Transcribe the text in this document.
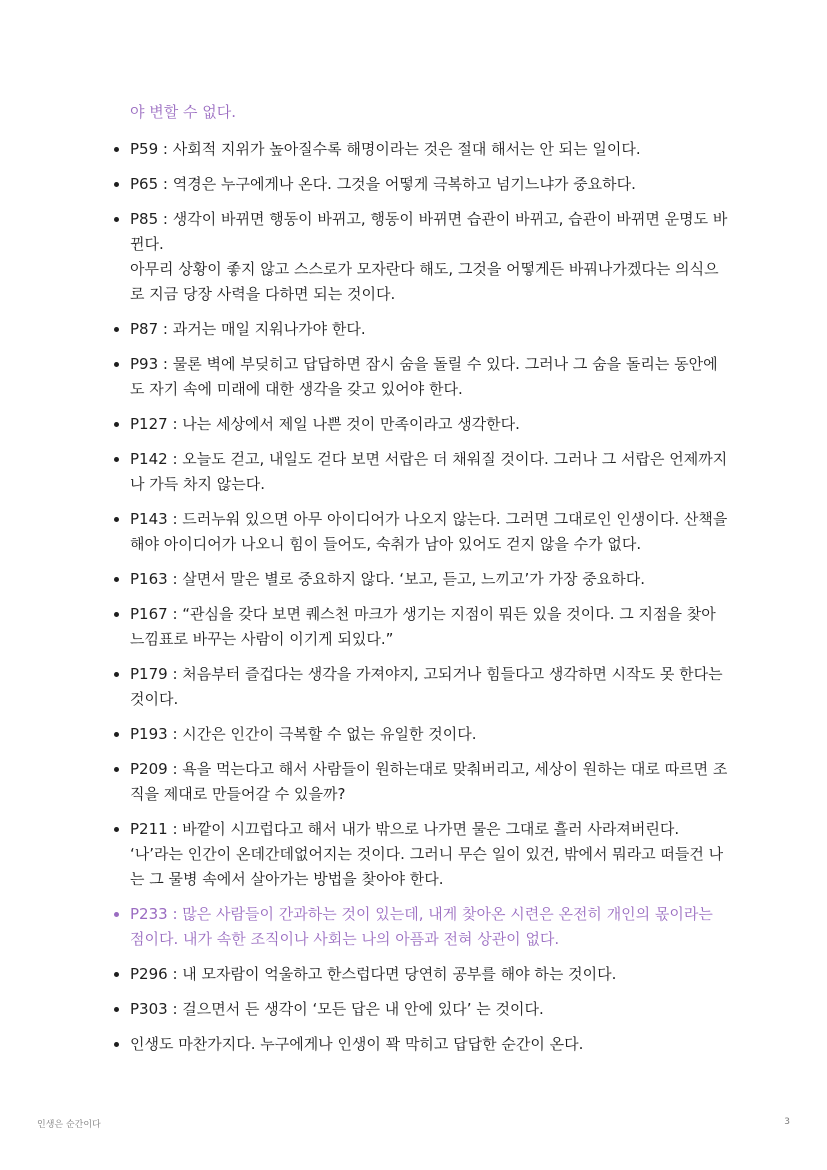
야 변할 수 없다.
P59 : 사회적 지위가 높아질수록 해명이라는 것은 절대 해서는 안 되는 일이다.
P65 : 역경은 누구에게나 온다. 그것을 어떻게 극복하고 넘기느냐가 중요하다.
P85 : 생각이 바뀌면 행동이 바뀌고, 행동이 바뀌면 습관이 바뀌고, 습관이 바뀌면 운명도 바뀐다.
아무리 상황이 좋지 않고 스스로가 모자란다 해도, 그것을 어떻게든 바꿔나가겠다는 의식으로 지금 당장 사력을 다하면 되는 것이다.
P87 : 과거는 매일 지워나가야 한다.
P93 : 물론 벽에 부딪히고 답답하면 잠시 숨을 돌릴 수 있다. 그러나 그 숨을 돌리는 동안에도 자기 속에 미래에 대한 생각을 갖고 있어야 한다.
P127 : 나는 세상에서 제일 나쁜 것이 만족이라고 생각한다.
P142 : 오늘도 걷고, 내일도 걷다 보면 서랍은 더 채워질 것이다. 그러나 그 서랍은 언제까지나 가득 차지 않는다.
P143 : 드러누워 있으면 아무 아이디어가 나오지 않는다. 그러면 그대로인 인생이다. 산책을 해야 아이디어가 나오니 힘이 들어도, 숙취가 남아 있어도 걷지 않을 수가 없다.
P163 : 살면서 말은 별로 중요하지 않다. ‘보고, 듣고, 느끼고’가 가장 중요하다.
P167 : “관심을 갖다 보면 퀘스천 마크가 생기는 지점이 뭐든 있을 것이다. 그 지점을 찾아 느낌표로 바꾸는 사람이 이기게 되있다.”
P179 : 처음부터 즐겁다는 생각을 가져야지, 고되거나 힘들다고 생각하면 시작도 못 한다는 것이다.
P193 : 시간은 인간이 극복할 수 없는 유일한 것이다.
P209 : 욕을 먹는다고 해서 사람들이 원하는대로 맞춰버리고, 세상이 원하는 대로 따르면 조직을 제대로 만들어갈 수 있을까?
P211 : 바깥이 시끄럽다고 해서 내가 밖으로 나가면 물은 그대로 흘러 사라져버린다.
‘나’라는 인간이 온데간데없어지는 것이다. 그러니 무슨 일이 있건, 밖에서 뭐라고 떠들건 나는 그 물병 속에서 살아가는 방법을 찾아야 한다.
P233 : 많은 사람들이 간과하는 것이 있는데, 내게 찾아온 시련은 온전히 개인의 몫이라는 점이다. 내가 속한 조직이나 사회는 나의 아픔과 전혀 상관이 없다.
P296 : 내 모자람이 억울하고 한스럽다면 당연히 공부를 해야 하는 것이다.
P303 : 걸으면서 든 생각이 ‘모든 답은 내 안에 있다’ 는 것이다.
인생도 마찬가지다. 누구에게나 인생이 꽉 막히고 답답한 순간이 온다.
인생은 순간이다	3
